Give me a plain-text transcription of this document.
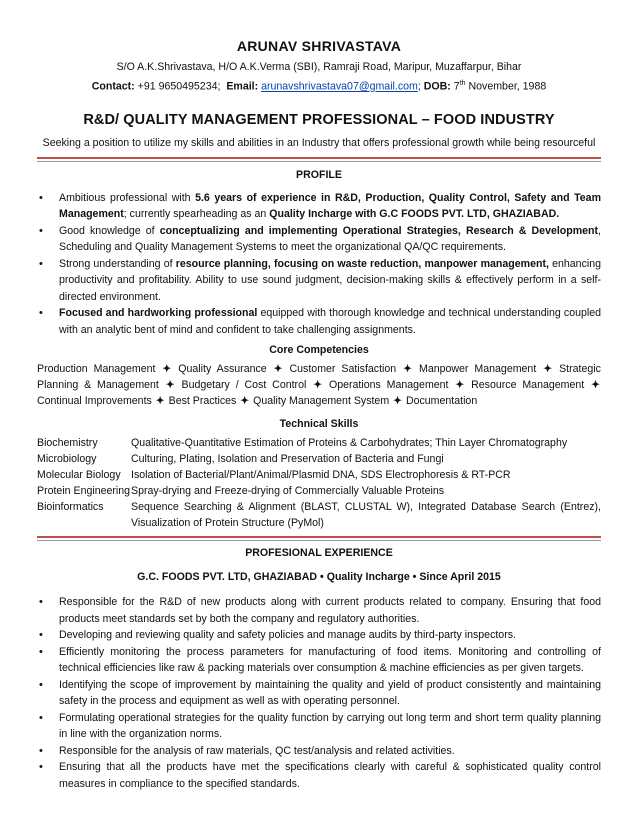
ARUNAV SHRIVASTAVA
S/O A.K.Shrivastava, H/O A.K.Verma (SBI), Ramraji Road, Maripur, Muzaffarpur, Bihar
Contact: +91 9650495234; Email: arunavshrivastava07@gmail.com; DOB: 7th November, 1988
R&D/ QUALITY MANAGEMENT PROFESSIONAL – FOOD INDUSTRY
Seeking a position to utilize my skills and abilities in an Industry that offers professional growth while being resourceful
PROFILE
• Ambitious professional with 5.6 years of experience in R&D, Production, Quality Control, Safety and Team Management; currently spearheading as an Quality Incharge with G.C FOODS PVT. LTD, GHAZIABAD.
• Good knowledge of conceptualizing and implementing Operational Strategies, Research & Development, Scheduling and Quality Management Systems to meet the organizational QA/QC requirements.
• Strong understanding of resource planning, focusing on waste reduction, manpower management, enhancing productivity and profitability. Ability to use sound judgment, decision-making skills & effectively perform in a self-directed environment.
• Focused and hardworking professional equipped with thorough knowledge and technical understanding coupled with an analytic bent of mind and confident to take challenging assignments.
Core Competencies
Production Management ✦ Quality Assurance ✦ Customer Satisfaction ✦ Manpower Management ✦ Strategic Planning & Management ✦ Budgetary / Cost Control ✦ Operations Management ✦ Resource Management ✦ Continual Improvements ✦ Best Practices ✦ Quality Management System ✦ Documentation
Technical Skills
Biochemistry	Qualitative-Quantitative Estimation of Proteins & Carbohydrates; Thin Layer Chromatography
Microbiology	Culturing, Plating, Isolation and Preservation of Bacteria and Fungi
Molecular Biology	Isolation of Bacterial/Plant/Animal/Plasmid DNA, SDS Electrophoresis & RT-PCR
Protein Engineering	Spray-drying and Freeze-drying of Commercially Valuable Proteins
Bioinformatics	Sequence Searching & Alignment (BLAST, CLUSTAL W), Integrated Database Search (Entrez), Visualization of Protein Structure (PyMol)
PROFESIONAL EXPERIENCE
G.C. FOODS PVT. LTD, GHAZIABAD • Quality Incharge • Since April 2015
• Responsible for the R&D of new products along with current products related to company. Ensuring that food products meet standards set by both the company and regulatory authorities.
• Developing and reviewing quality and safety policies and manage audits by third-party inspectors.
• Efficiently monitoring the process parameters for manufacturing of food items. Monitoring and controlling of technical efficiencies like raw & packing materials over consumption & machine efficiencies as per given targets.
• Identifying the scope of improvement by maintaining the quality and yield of product consistently and maintaining safety in the process and equipment as well as with operating personnel.
• Formulating operational strategies for the quality function by carrying out long term and short term quality planning in line with the organization norms.
• Responsible for the analysis of raw materials, QC test/analysis and related activities.
• Ensuring that all the products have met the specifications clearly with careful & sophisticated quality control measures in compliance to the specified standards.
